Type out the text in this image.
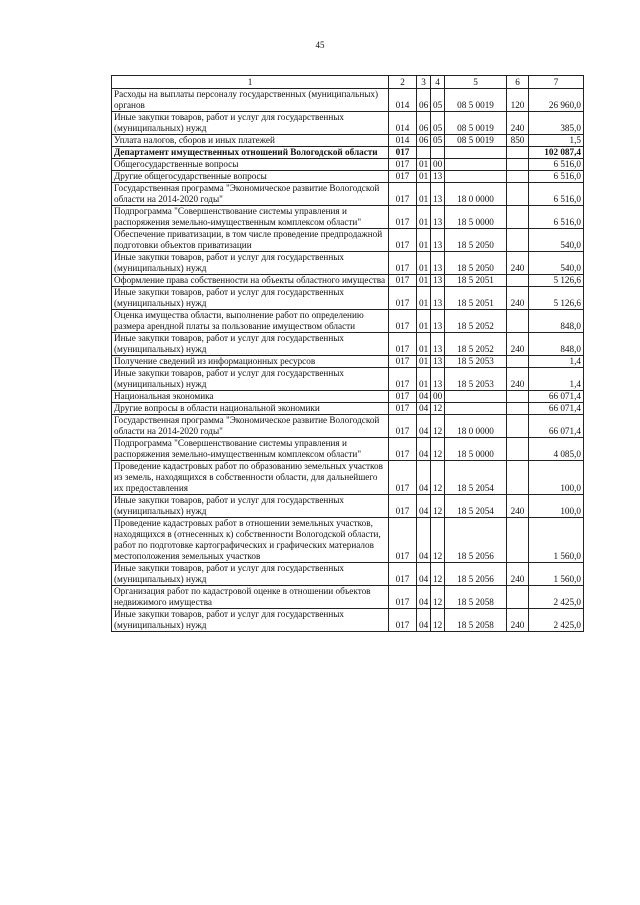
45
1	2	3	4	5	6	7
Расходы на выплаты персоналу государственных (муниципальных) органов	014	06	05	08 5 0019	120	26 960,0
Иные закупки товаров, работ и услуг для государственных (муниципальных) нужд	014	06	05	08 5 0019	240	385,0
Уплата налогов, сборов и иных платежей	014	06	05	08 5 0019	850	1,5
Департамент имущественных отношений Вологодской области	017					102 087,4
Общегосударственные вопросы	017	01	00			6 516,0
Другие общегосударственные вопросы	017	01	13			6 516,0
Государственная программа "Экономическое развитие Вологодской области на 2014-2020 годы"	017	01	13	18 0 0000		6 516,0
Подпрограмма "Совершенствование системы управления и распоряжения земельно-имущественным комплексом области"	017	01	13	18 5 0000		6 516,0
Обеспечение приватизации, в том числе проведение предпродажной подготовки объектов приватизации	017	01	13	18 5 2050		540,0
Иные закупки товаров, работ и услуг для государственных (муниципальных) нужд	017	01	13	18 5 2050	240	540,0
Оформление права собственности на объекты областного имущества	017	01	13	18 5 2051		5 126,6
Иные закупки товаров, работ и услуг для государственных (муниципальных) нужд	017	01	13	18 5 2051	240	5 126,6
Оценка имущества области, выполнение работ по определению размера арендной платы за пользование имуществом области	017	01	13	18 5 2052		848,0
Иные закупки товаров, работ и услуг для государственных (муниципальных) нужд	017	01	13	18 5 2052	240	848,0
Получение сведений из информационных ресурсов	017	01	13	18 5 2053		1,4
Иные закупки товаров, работ и услуг для государственных (муниципальных) нужд	017	01	13	18 5 2053	240	1,4
Национальная экономика	017	04	00			66 071,4
Другие вопросы в области национальной экономики	017	04	12			66 071,4
Государственная программа "Экономическое развитие Вологодской области на 2014-2020 годы"	017	04	12	18 0 0000		66 071,4
Подпрограмма "Совершенствование системы управления и распоряжения земельно-имущественным комплексом области"	017	04	12	18 5 0000		4 085,0
Проведение кадастровых работ по образованию земельных участков из земель, находящихся в собственности области, для дальнейшего их предоставления	017	04	12	18 5 2054		100,0
Иные закупки товаров, работ и услуг для государственных (муниципальных) нужд	017	04	12	18 5 2054	240	100,0
Проведение кадастровых работ в отношении земельных участков, находящихся в (отнесенных к) собственности Вологодской области, работ по подготовке картографических и графических материалов местоположения земельных участков	017	04	12	18 5 2056		1 560,0
Иные закупки товаров, работ и услуг для государственных (муниципальных) нужд	017	04	12	18 5 2056	240	1 560,0
Организация работ по кадастровой оценке в отношении объектов недвижимого имущества	017	04	12	18 5 2058		2 425,0
Иные закупки товаров, работ и услуг для государственных (муниципальных) нужд	017	04	12	18 5 2058	240	2 425,0
